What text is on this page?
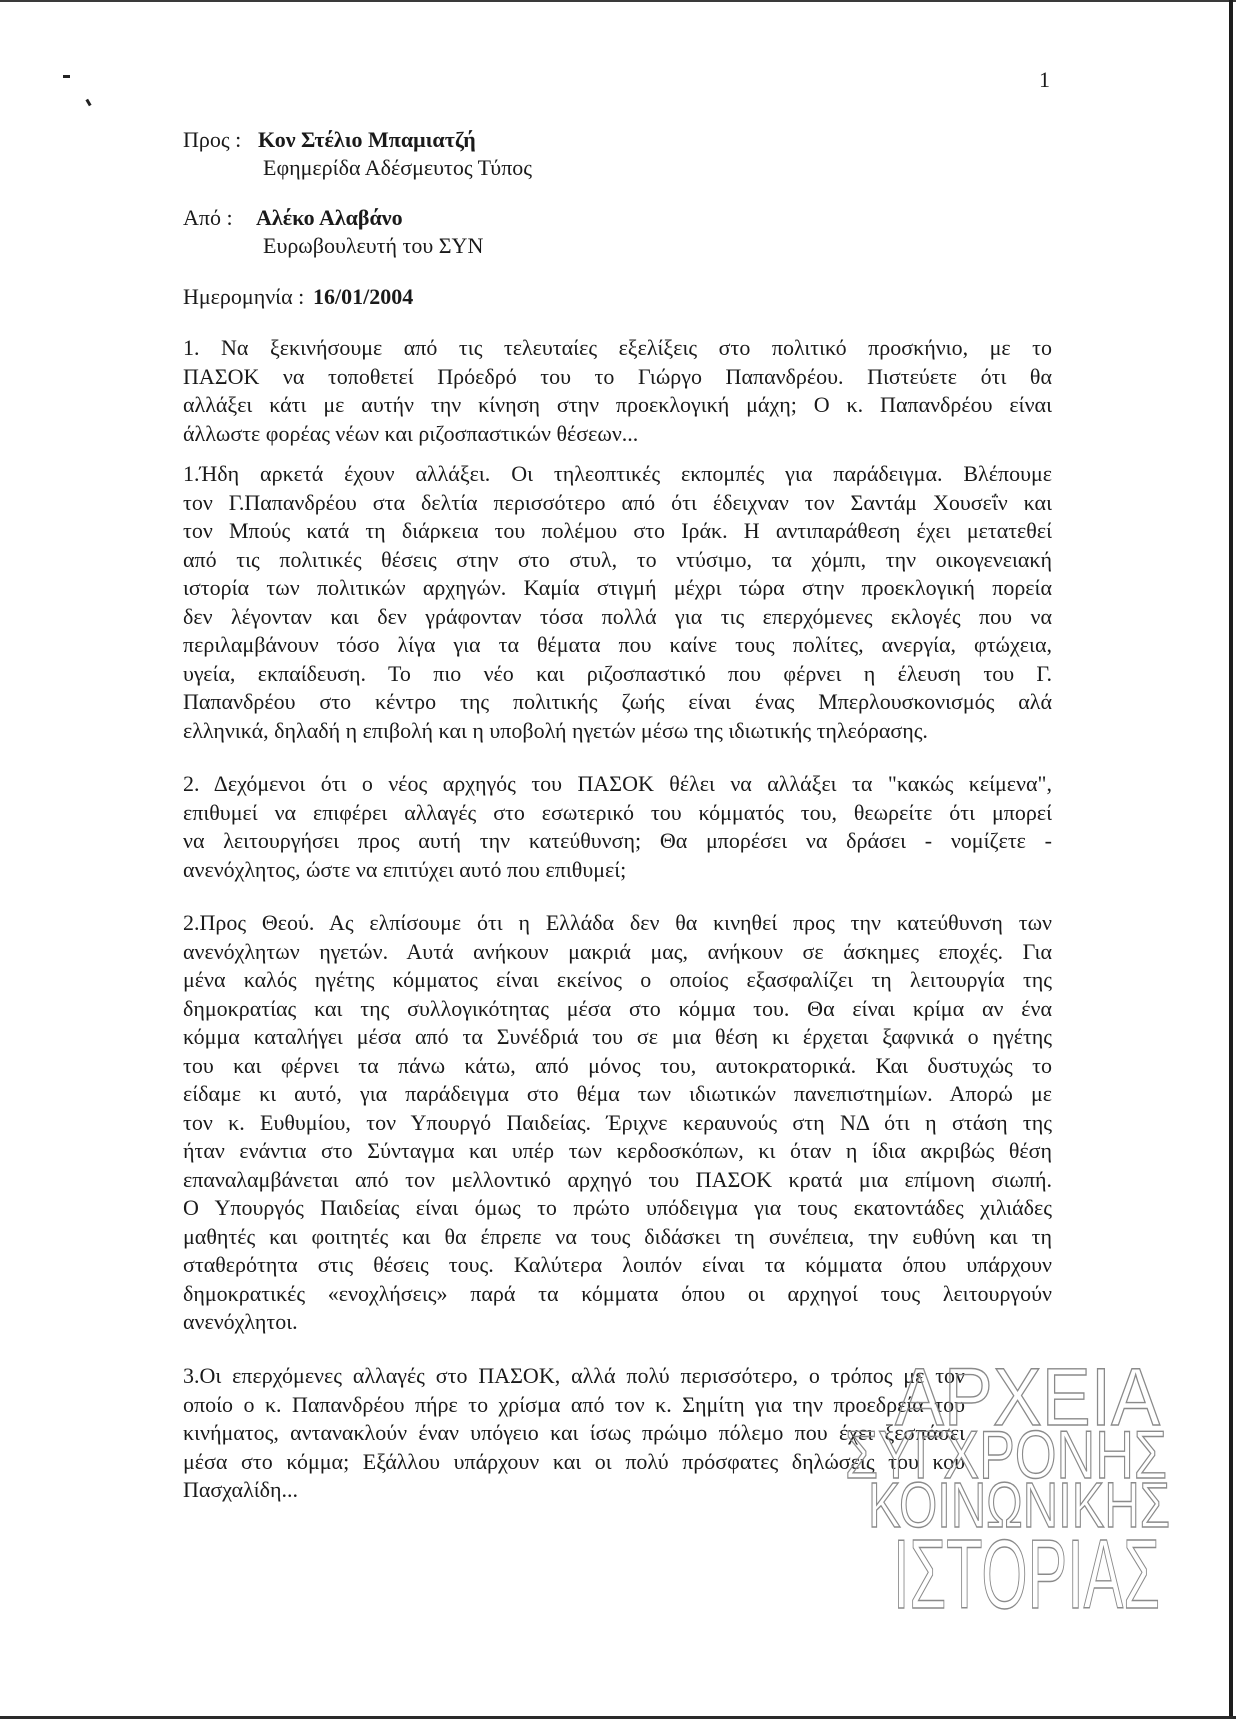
1
Προς : Κον Στέλιο Μπαμιατζή
Εφημερίδα Αδέσμευτος Τύπος
Από : Αλέκο Αλαβάνο
Ευρωβουλευτή του ΣΥΝ
Ημερομηνία : 16/01/2004
1. Να ξεκινήσουμε από τις τελευταίες εξελίξεις στο πολιτικό προσκήνιο, με το
ΠΑΣΟΚ να τοποθετεί Πρόεδρό του το Γιώργο Παπανδρέου. Πιστεύετε ότι θα
αλλάξει κάτι με αυτήν την κίνηση στην προεκλογική μάχη; Ο κ. Παπανδρέου είναι
άλλωστε φορέας νέων και ριζοσπαστικών θέσεων...
1.Ήδη αρκετά έχουν αλλάξει. Οι τηλεοπτικές εκπομπές για παράδειγμα. Βλέπουμε
τον Γ.Παπανδρέου στα δελτία περισσότερο από ότι έδειχναν τον Σαντάμ Χουσεΐν και
τον Μπούς κατά τη διάρκεια του πολέμου στο Ιράκ. Η αντιπαράθεση έχει μετατεθεί
από τις πολιτικές θέσεις στην στο στυλ, το ντύσιμο, τα χόμπι, την οικογενειακή
ιστορία των πολιτικών αρχηγών. Καμία στιγμή μέχρι τώρα στην προεκλογική πορεία
δεν λέγονταν και δεν γράφονταν τόσα πολλά για τις επερχόμενες εκλογές που να
περιλαμβάνουν τόσο λίγα για τα θέματα που καίνε τους πολίτες, ανεργία, φτώχεια,
υγεία, εκπαίδευση. Το πιο νέο και ριζοσπαστικό που φέρνει η έλευση του Γ.
Παπανδρέου στο κέντρο της πολιτικής ζωής είναι ένας Μπερλουσκονισμός αλά
ελληνικά, δηλαδή η επιβολή και η υποβολή ηγετών μέσω της ιδιωτικής τηλεόρασης.
2. Δεχόμενοι ότι ο νέος αρχηγός του ΠΑΣΟΚ θέλει να αλλάξει τα "κακώς κείμενα",
επιθυμεί να επιφέρει αλλαγές στο εσωτερικό του κόμματός του, θεωρείτε ότι μπορεί
να λειτουργήσει προς αυτή την κατεύθυνση; Θα μπορέσει να δράσει - νομίζετε -
ανενόχλητος, ώστε να επιτύχει αυτό που επιθυμεί;
2.Προς Θεού. Ας ελπίσουμε ότι η Ελλάδα δεν θα κινηθεί προς την κατεύθυνση των
ανενόχλητων ηγετών. Αυτά ανήκουν μακριά μας, ανήκουν σε άσκημες εποχές. Για
μένα καλός ηγέτης κόμματος είναι εκείνος ο οποίος εξασφαλίζει τη λειτουργία της
δημοκρατίας και της συλλογικότητας μέσα στο κόμμα του. Θα είναι κρίμα αν ένα
κόμμα καταλήγει μέσα από τα Συνέδριά του σε μια θέση κι έρχεται ξαφνικά ο ηγέτης
του και φέρνει τα πάνω κάτω, από μόνος του, αυτοκρατορικά. Και δυστυχώς το
είδαμε κι αυτό, για παράδειγμα στο θέμα των ιδιωτικών πανεπιστημίων. Απορώ με
τον κ. Ευθυμίου, τον Υπουργό Παιδείας. Έριχνε κεραυνούς στη ΝΔ ότι η στάση της
ήταν ενάντια στο Σύνταγμα και υπέρ των κερδοσκόπων, κι όταν η ίδια ακριβώς θέση
επαναλαμβάνεται από τον μελλοντικό αρχηγό του ΠΑΣΟΚ κρατά μια επίμονη σιωπή.
Ο Υπουργός Παιδείας είναι όμως το πρώτο υπόδειγμα για τους εκατοντάδες χιλιάδες
μαθητές και φοιτητές και θα έπρεπε να τους διδάσκει τη συνέπεια, την ευθύνη και τη
σταθερότητα στις θέσεις τους. Καλύτερα λοιπόν είναι τα κόμματα όπου υπάρχουν
δημοκρατικές «ενοχλήσεις» παρά τα κόμματα όπου οι αρχηγοί τους λειτουργούν
ανενόχλητοι.
3.Οι επερχόμενες αλλαγές στο ΠΑΣΟΚ, αλλά πολύ περισσότερο, ο τρόπος με τον
οποίο ο κ. Παπανδρέου πήρε το χρίσμα από τον κ. Σημίτη για την προεδρεία του
κινήματος, αντανακλούν έναν υπόγειο και ίσως πρώιμο πόλεμο που έχει ξεσπάσει
μέσα στο κόμμα; Εξάλλου υπάρχουν και οι πολύ πρόσφατες δηλώσεις του κου
Πασχαλίδη...
ΑΡΧΕΙΑ
ΣΥΓΧΡΟΝΗΣ
ΚΟΙΝΩΝΙΚΗΣ
ΙΣΤΟΡΙΑΣ
